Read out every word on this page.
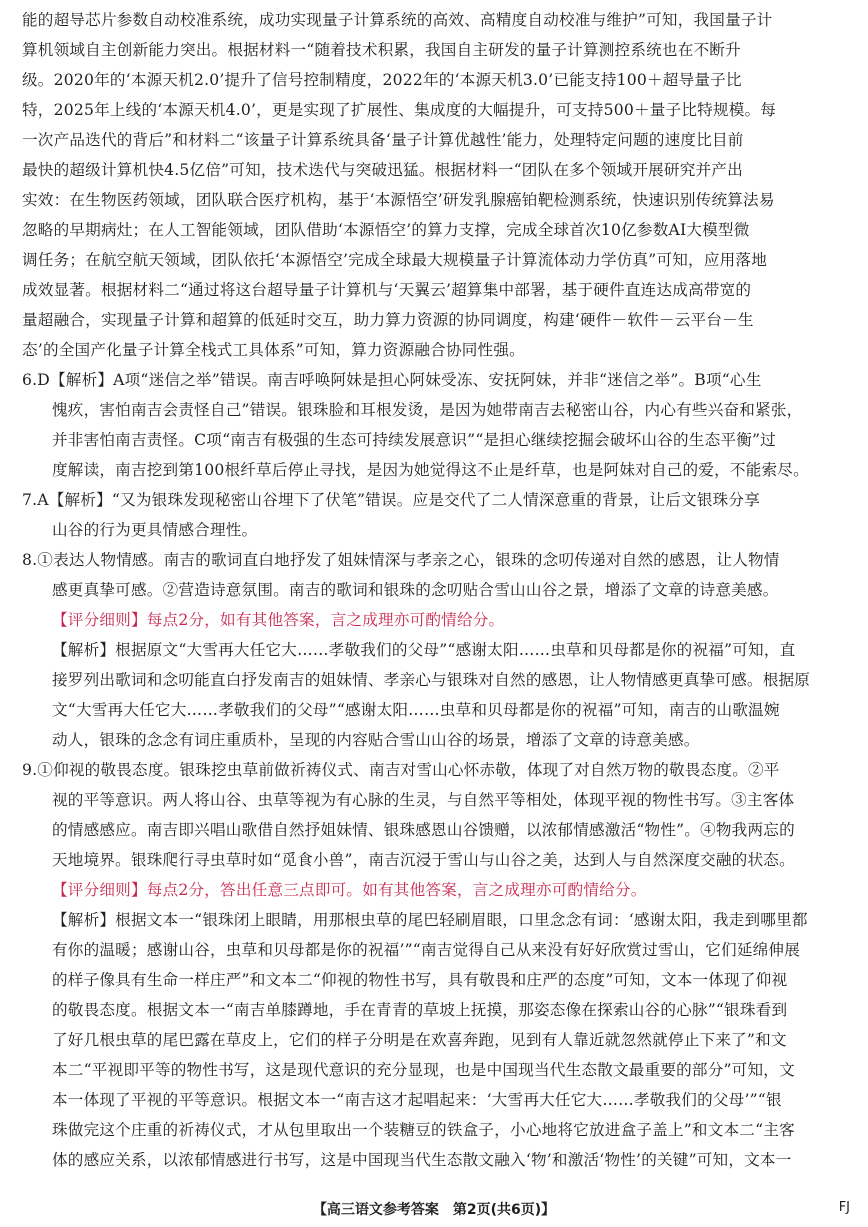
能的超导芯片参数自动校准系统，成功实现量子计算系统的高效、高精度自动校准与维护”可知，我国量子计
算机领域自主创新能力突出。根据材料一“随着技术积累，我国自主研发的量子计算测控系统也在不断升
级。2020年的‘本源天机2.0’提升了信号控制精度，2022年的‘本源天机3.0’已能支持100＋超导量子比
特，2025年上线的‘本源天机4.0’，更是实现了扩展性、集成度的大幅提升，可支持500＋量子比特规模。每
一次产品迭代的背后”和材料二“该量子计算系统具备‘量子计算优越性’能力，处理特定问题的速度比目前
最快的超级计算机快4.5亿倍”可知，技术迭代与突破迅猛。根据材料一“团队在多个领域开展研究并产出
实效：在生物医药领域，团队联合医疗机构，基于‘本源悟空’研发乳腺癌铂靶检测系统，快速识别传统算法易
忽略的早期病灶；在人工智能领域，团队借助‘本源悟空’的算力支撑，完成全球首次10亿参数AI大模型微
调任务；在航空航天领域，团队依托‘本源悟空’完成全球最大规模量子计算流体动力学仿真”可知，应用落地
成效显著。根据材料二“通过将这台超导量子计算机与‘天翼云’超算集中部署，基于硬件直连达成高带宽的
量超融合，实现量子计算和超算的低延时交互，助力算力资源的协同调度，构建‘硬件－软件－云平台－生
态’的全国产化量子计算全栈式工具体系”可知，算力资源融合协同性强。
6.D【解析】A项“迷信之举”错误。南吉呼唤阿妹是担心阿妹受冻、安抚阿妹，并非“迷信之举”。B项“心生
愧疚，害怕南吉会责怪自己”错误。银珠脸和耳根发烫，是因为她带南吉去秘密山谷，内心有些兴奋和紧张，
并非害怕南吉责怪。C项“南吉有极强的生态可持续发展意识”“是担心继续挖掘会破坏山谷的生态平衡”过
度解读，南吉挖到第100根纤草后停止寻找，是因为她觉得这不止是纤草，也是阿妹对自己的爱，不能索尽。
7.A【解析】“又为银珠发现秘密山谷埋下了伏笔”错误。应是交代了二人情深意重的背景，让后文银珠分享
山谷的行为更具情感合理性。
8.①表达人物情感。南吉的歌词直白地抒发了姐妹情深与孝亲之心，银珠的念叨传递对自然的感恩，让人物情
感更真挚可感。②营造诗意氛围。南吉的歌词和银珠的念叨贴合雪山山谷之景，增添了文章的诗意美感。
【评分细则】每点2分，如有其他答案，言之成理亦可酌情给分。
【解析】根据原文“大雪再大任它大……孝敬我们的父母”“感谢太阳……虫草和贝母都是你的祝福”可知，直
接罗列出歌词和念叨能直白抒发南吉的姐妹情、孝亲心与银珠对自然的感恩，让人物情感更真挚可感。根据原
文“大雪再大任它大……孝敬我们的父母”“感谢太阳……虫草和贝母都是你的祝福”可知，南吉的山歌温婉
动人，银珠的念念有词庄重质朴，呈现的内容贴合雪山山谷的场景，增添了文章的诗意美感。
9.①仰视的敬畏态度。银珠挖虫草前做祈祷仪式、南吉对雪山心怀赤敬，体现了对自然万物的敬畏态度。②平
视的平等意识。两人将山谷、虫草等视为有心脉的生灵，与自然平等相处，体现平视的物性书写。③主客体
的情感感应。南吉即兴唱山歌借自然抒姐妹情、银珠感恩山谷馈赠，以浓郁情感激活“物性”。④物我两忘的
天地境界。银珠爬行寻虫草时如“觅食小兽”，南吉沉浸于雪山与山谷之美，达到人与自然深度交融的状态。
【评分细则】每点2分，答出任意三点即可。如有其他答案，言之成理亦可酌情给分。
【解析】根据文本一“银珠闭上眼睛，用那根虫草的尾巴轻刷眉眼，口里念念有词：‘感谢太阳，我走到哪里都
有你的温暖；感谢山谷，虫草和贝母都是你的祝福’”“南吉觉得自己从来没有好好欣赏过雪山，它们延绵伸展
的样子像具有生命一样庄严”和文本二“仰视的物性书写，具有敬畏和庄严的态度”可知，文本一体现了仰视
的敬畏态度。根据文本一“南吉单膝蹲地，手在青青的草坡上抚摸，那姿态像在探索山谷的心脉”“银珠看到
了好几根虫草的尾巴露在草皮上，它们的样子分明是在欢喜奔跑，见到有人靠近就忽然就停止下来了”和文
本二“平视即平等的物性书写，这是现代意识的充分显现，也是中国现当代生态散文最重要的部分”可知，文
本一体现了平视的平等意识。根据文本一“南吉这才起唱起来：‘大雪再大任它大……孝敬我们的父母’”“银
珠做完这个庄重的祈祷仪式，才从包里取出一个装糖豆的铁盒子，小心地将它放进盒子盖上”和文本二“主客
体的感应关系，以浓郁情感进行书写，这是中国现当代生态散文融入‘物’和激活‘物性’的关键”可知，文本一
【高三语文参考答案　第2页(共6页)】	FJ
